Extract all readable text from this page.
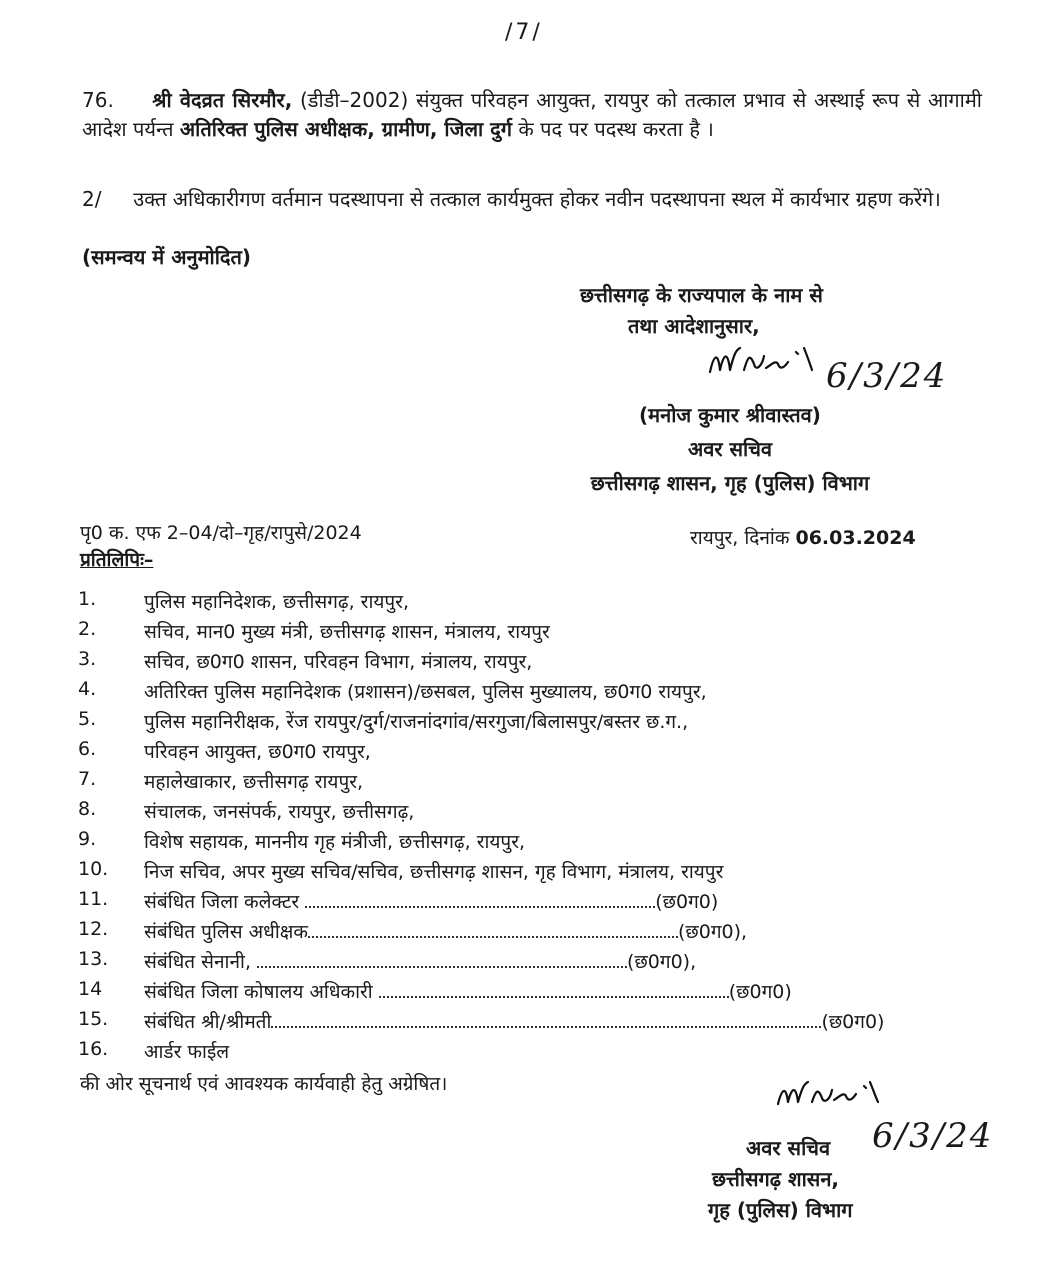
/7/
76. श्री वेदव्रत सिरमौर, (डीडी–2002) संयुक्त परिवहन आयुक्त, रायपुर को तत्काल प्रभाव से अस्थाई रूप से आगामी आदेश पर्यन्त अतिरिक्त पुलिस अधीक्षक, ग्रामीण, जिला दुर्ग के पद पर पदस्थ करता है ।
2/ उक्त अधिकारीगण वर्तमान पदस्थापना से तत्काल कार्यमुक्त होकर नवीन पदस्थापना स्थल में कार्यभार ग्रहण करेंगे।
(समन्वय में अनुमोदित)
छत्तीसगढ़ के राज्यपाल के नाम से
तथा आदेशानुसार,
6/3/24
(मनोज कुमार श्रीवास्तव)
अवर सचिव
छत्तीसगढ़ शासन, गृह (पुलिस) विभाग
पृ0 क. एफ 2–04/दो–गृह/रापुसे/2024	रायपुर, दिनांक 06.03.2024
प्रतिलिपिः–
1.	पुलिस महानिदेशक, छत्तीसगढ़, रायपुर,
2.	सचिव, मान0 मुख्य मंत्री, छत्तीसगढ़ शासन, मंत्रालय, रायपुर
3.	सचिव, छ0ग0 शासन, परिवहन विभाग, मंत्रालय, रायपुर,
4.	अतिरिक्त पुलिस महानिदेशक (प्रशासन)/छसबल, पुलिस मुख्यालय, छ0ग0 रायपुर,
5.	पुलिस महानिरीक्षक, रेंज रायपुर/दुर्ग/राजनांदगांव/सरगुजा/बिलासपुर/बस्तर छ.ग.,
6.	परिवहन आयुक्त, छ0ग0 रायपुर,
7.	महालेखाकार, छत्तीसगढ़ रायपुर,
8.	संचालक, जनसंपर्क, रायपुर, छत्तीसगढ़,
9.	विशेष सहायक, माननीय गृह मंत्रीजी, छत्तीसगढ़, रायपुर,
10.	निज सचिव, अपर मुख्य सचिव/सचिव, छत्तीसगढ़ शासन, गृह विभाग, मंत्रालय, रायपुर
11.	संबंधित जिला कलेक्टर	(छ0ग0)
12.	संबंधित पुलिस अधीक्षक	(छ0ग0),
13.	संबंधित सेनानी,	(छ0ग0),
14	संबंधित जिला कोषालय अधिकारी	(छ0ग0)
15.	संबंधित श्री/श्रीमती	(छ0ग0)
16.	आर्डर फाईल
की ओर सूचनार्थ एवं आवश्यक कार्यवाही हेतु अग्रेषित।
अवर सचिव 6/3/24
छत्तीसगढ़ शासन,
गृह (पुलिस) विभाग
